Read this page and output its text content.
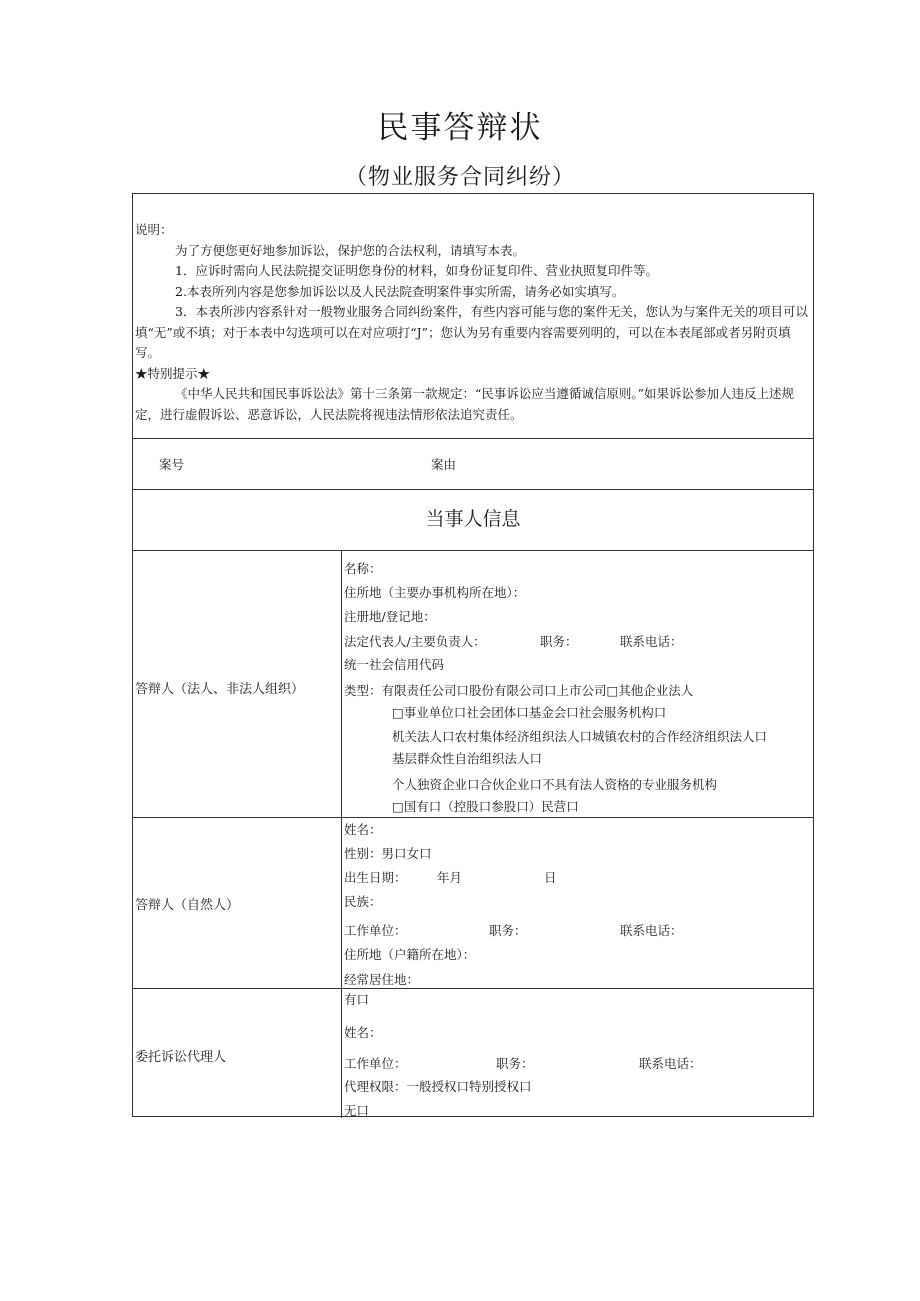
民事答辩状
（物业服务合同纠纷）

说明：

为了方便您更好地参加诉讼，保护您的合法权利，请填写本表。

1．应诉时需向人民法院提交证明您身份的材料，如身份证复印件、营业执照复印件等。

2.本表所列内容是您参加诉讼以及人民法院查明案件事实所需，请务必如实填写。

3．本表所涉内容系针对一般物业服务合同纠纷案件，有些内容可能与您的案件无关，您认为与案件无关的项目可以填“无”或不填；对于本表中勾选项可以在对应项打“J”；您认为另有重要内容需要列明的，可以在本表尾部或者另附页填写。

★特别提示★

《中华人民共和国民事诉讼法》第十三条第一款规定：“民事诉讼应当遵循诚信原则。”如果诉讼参加人违反上述规定，进行虚假诉讼、恶意诉讼，人民法院将视违法情形依法追究责任。

案号	案由
当事人信息
答辩人（法人、非法人组织）
名称：
住所地（主要办事机构所在地）：
注册地/登记地：
法定代表人/主要负责人：	职务：	联系电话：
统一社会信用代码
类型：有限责任公司口股份有限公司口上市公司□其他企业法人
□事业单位口社会团体口基金会口社会服务机构口
机关法人口农村集体经济组织法人口城镇农村的合作经济组织法人口
基层群众性自治组织法人口
个人独资企业口合伙企业口不具有法人资格的专业服务机构
□国有口（控股口参股口）民营口
答辩人（自然人）
姓名：
性别：男口女口
出生日期： 年月	日
民族：
工作单位：	职务：	联系电话：
住所地（户籍所在地）：
经常居住地：
委托诉讼代理人
有口
姓名：
工作单位：	职务：	联系电话：
代理权限：一般授权口特别授权口
无口
